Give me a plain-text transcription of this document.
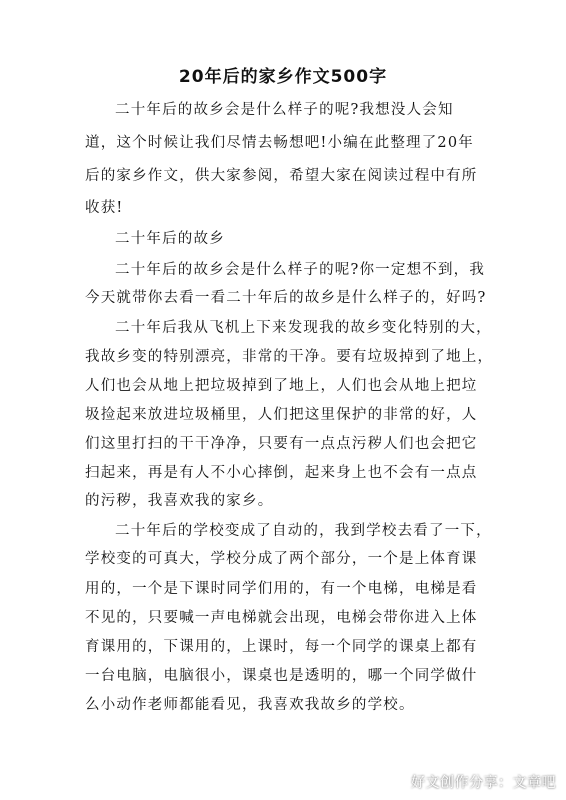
20年后的家乡作文500字
二十年后的故乡会是什么样子的呢?我想没人会知
道，这个时候让我们尽情去畅想吧!小编在此整理了20年
后的家乡作文，供大家参阅，希望大家在阅读过程中有所
收获!
二十年后的故乡
二十年后的故乡会是什么样子的呢?你一定想不到，我
今天就带你去看一看二十年后的故乡是什么样子的，好吗?
二十年后我从飞机上下来发现我的故乡变化特别的大，
我故乡变的特别漂亮，非常的干净。要有垃圾掉到了地上，
人们也会从地上把垃圾掉到了地上，人们也会从地上把垃
圾捡起来放进垃圾桶里，人们把这里保护的非常的好，人
们这里打扫的干干净净，只要有一点点污秽人们也会把它
扫起来，再是有人不小心摔倒，起来身上也不会有一点点
的污秽，我喜欢我的家乡。
二十年后的学校变成了自动的，我到学校去看了一下，
学校变的可真大，学校分成了两个部分，一个是上体育课
用的，一个是下课时同学们用的，有一个电梯，电梯是看
不见的，只要喊一声电梯就会出现，电梯会带你进入上体
育课用的，下课用的，上课时，每一个同学的课桌上都有
一台电脑，电脑很小，课桌也是透明的，哪一个同学做什
么小动作老师都能看见，我喜欢我故乡的学校。
好文创作分享：文章吧
